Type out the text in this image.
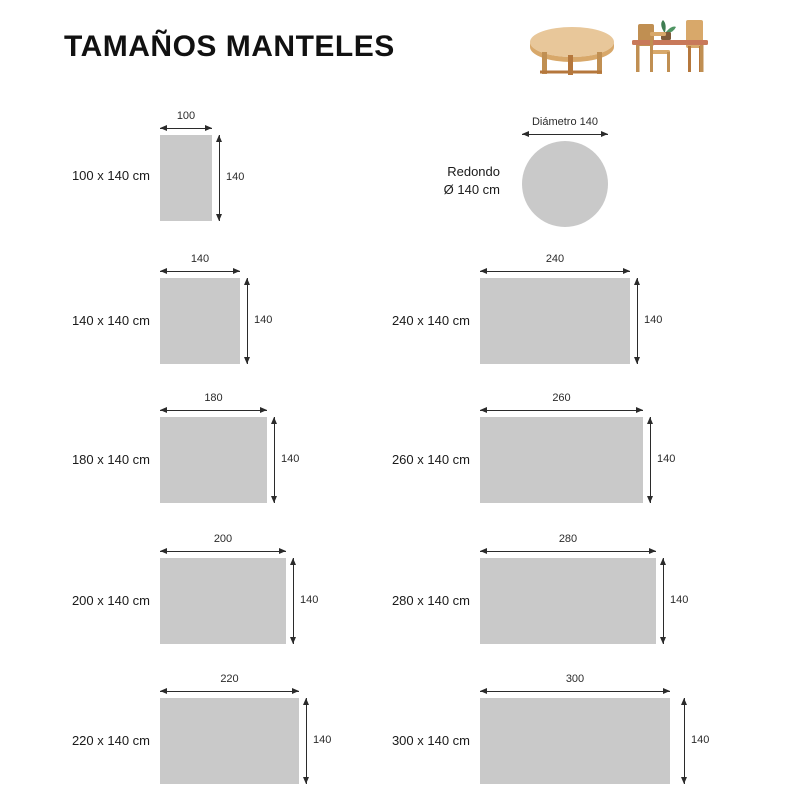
TAMAÑOS MANTELES
100 x 140 cm
100
140
140 x 140 cm
140
140
180 x 140 cm
180
140
200 x 140 cm
200
140
220 x 140 cm
220
140
Redondo
Ø 140 cm
Diámetro 140
240 x 140 cm
240
140
260 x 140 cm
260
140
280 x 140 cm
280
140
300 x 140 cm
300
140
